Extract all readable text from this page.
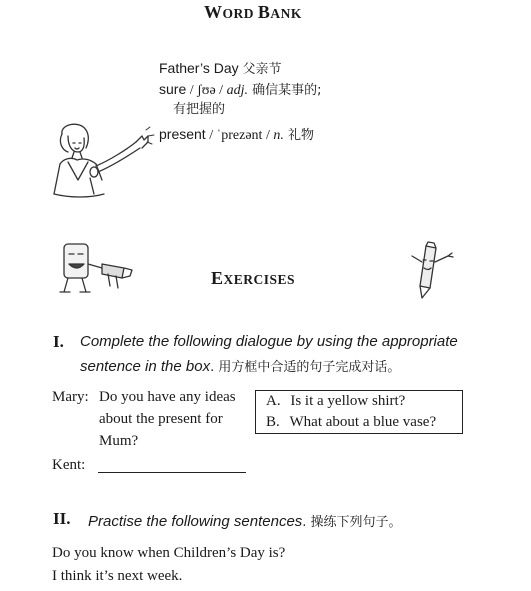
WORD BANK
Father’s Day 父亲节
sure / ʃʊə / adj. 确信某事的;
有把握的
present / ˈprezənt / n. 礼物
EXERCISES
I. Complete the following dialogue by using the appropriate
sentence in the box. 用方框中合适的句子完成对话。
Mary: Do you have any ideas
about the present for
Mum?
Kent:
A. Is it a yellow shirt?
B. What about a blue vase?
II. Practise the following sentences. 操练下列句子。
Do you know when Children’s Day is?
I think it’s next week.
